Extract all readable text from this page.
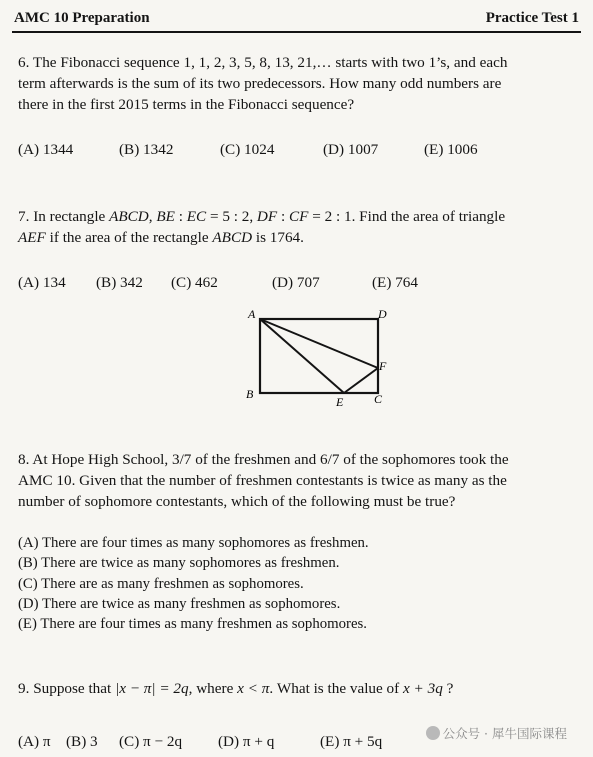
AMC 10 Preparation	Practice Test 1
6. The Fibonacci sequence 1, 1, 2, 3, 5, 8, 13, 21,… starts with two 1’s, and each
term afterwards is the sum of its two predecessors. How many odd numbers are
there in the first 2015 terms in the Fibonacci sequence?
(A) 1344	(B) 1342	(C) 1024	(D) 1007	(E) 1006
7. In rectangle ABCD, BE : EC = 5 : 2, DF : CF = 2 : 1. Find the area of triangle
AEF if the area of the rectangle ABCD is 1764.
(A) 134 (B) 342 (C) 462	(D) 707	(E) 764
A	D
F
B
E	C
8. At Hope High School, 3/7 of the freshmen and 6/7 of the sophomores took the
AMC 10. Given that the number of freshmen contestants is twice as many as the
number of sophomore contestants, which of the following must be true?
(A) There are four times as many sophomores as freshmen.
(B) There are twice as many sophomores as freshmen.
(C) There are as many freshmen as sophomores.
(D) There are twice as many freshmen as sophomores.
(E) There are four times as many freshmen as sophomores.
9. Suppose that |x − π| = 2q, where x < π. What is the value of x + 3q ?
(A) π (B) 3 (C) π − 2q (D) π + q	(E) π + 5q	公众号 · 犀牛国际课程
